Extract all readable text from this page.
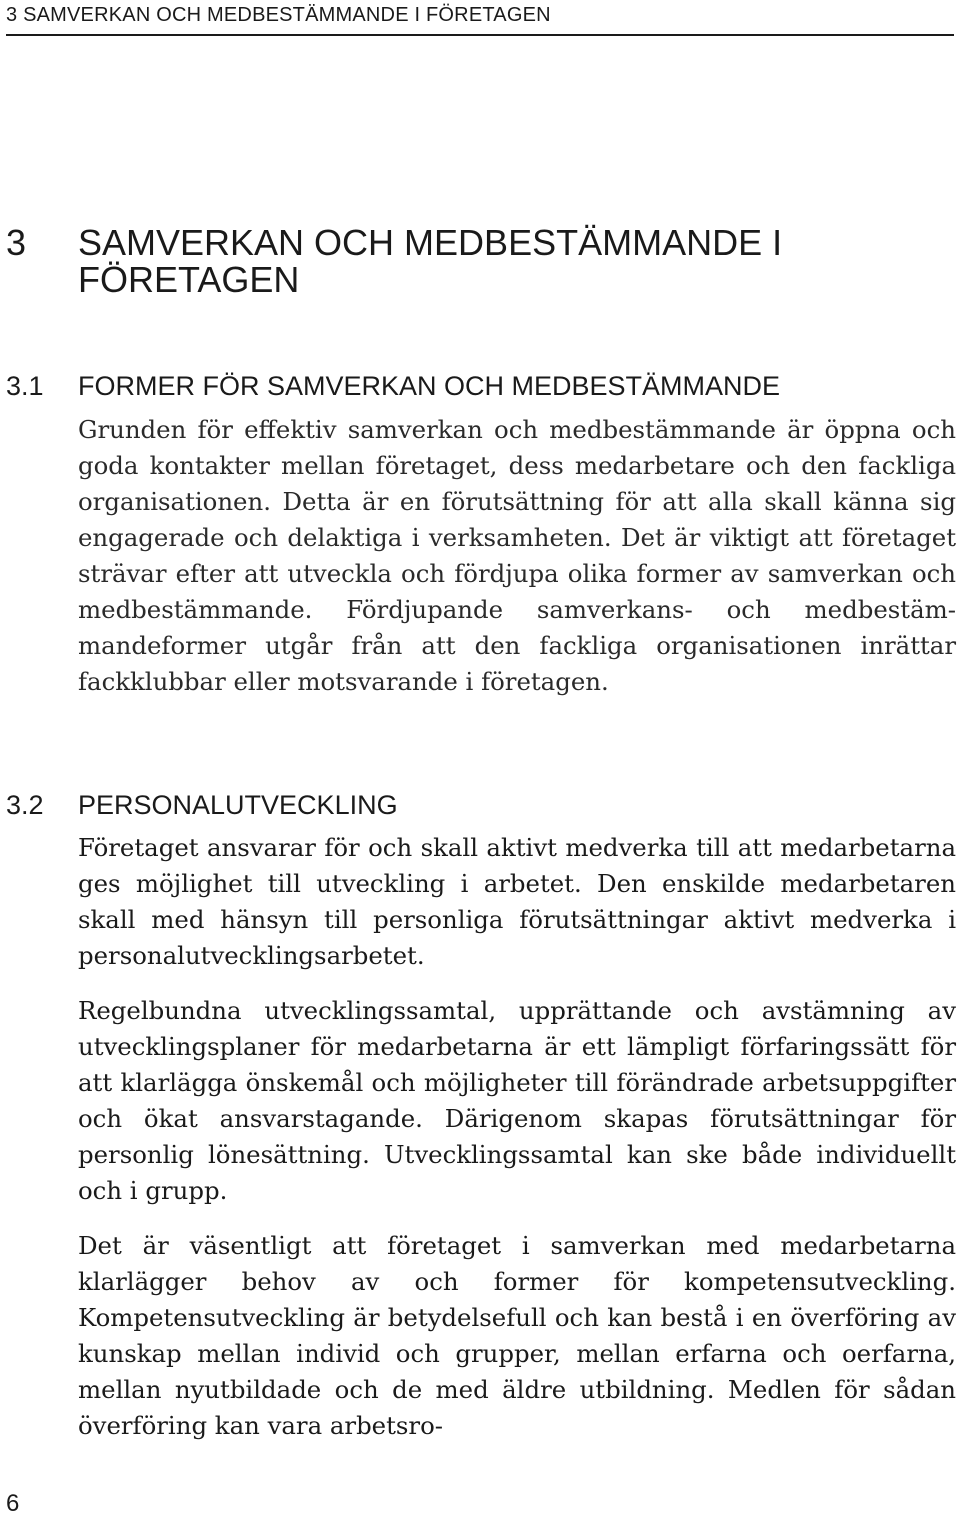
3 SAMVERKAN OCH MEDBESTÄMMANDE I FÖRETAGEN
3 SAMVERKAN OCH MEDBESTÄMMANDE I FÖRETAGEN
3.1 FORMER FÖR SAMVERKAN OCH MEDBESTÄMMANDE

Grunden för effektiv samverkan och medbestämmande är öppna och goda kontakter mellan företaget, dess medarbetare och den fackliga organisationen. Detta är en förutsättning för att alla skall känna sig engagerade och delaktiga i verksamheten. Det är viktigt att företaget strävar efter att utveckla och fördjupa olika former av samverkan och medbestämmande. Fördjupande samverkans- och medbestämmandeformer utgår från att den fackliga organisationen inrättar fackklubbar eller motsvarande i företagen.

3.2 PERSONALUTVECKLING

Företaget ansvarar för och skall aktivt medverka till att medarbetarna ges möjlighet till utveckling i arbetet. Den enskilde medarbetaren skall med hänsyn till personliga förutsättningar aktivt medverka i personalutvecklingsarbetet.

Regelbundna utvecklingssamtal, upprättande och avstämning av utvecklingsplaner för medarbetarna är ett lämpligt förfaringssätt för att klarlägga önskemål och möjligheter till förändrade arbetsuppgifter och ökat ansvarstagande. Därigenom skapas förutsättningar för personlig lönesättning. Utvecklingssamtal kan ske både individuellt och i grupp.

Det är väsentligt att företaget i samverkan med medarbetarna klarlägger behov av och former för kompetensutveckling. Kompetensutveckling är betydelsefull och kan bestå i en överföring av kunskap mellan individ och grupper, mellan erfarna och oerfarna, mellan nyutbildade och de med äldre utbildning. Medlen för sådan överföring kan vara arbetsro-

6
